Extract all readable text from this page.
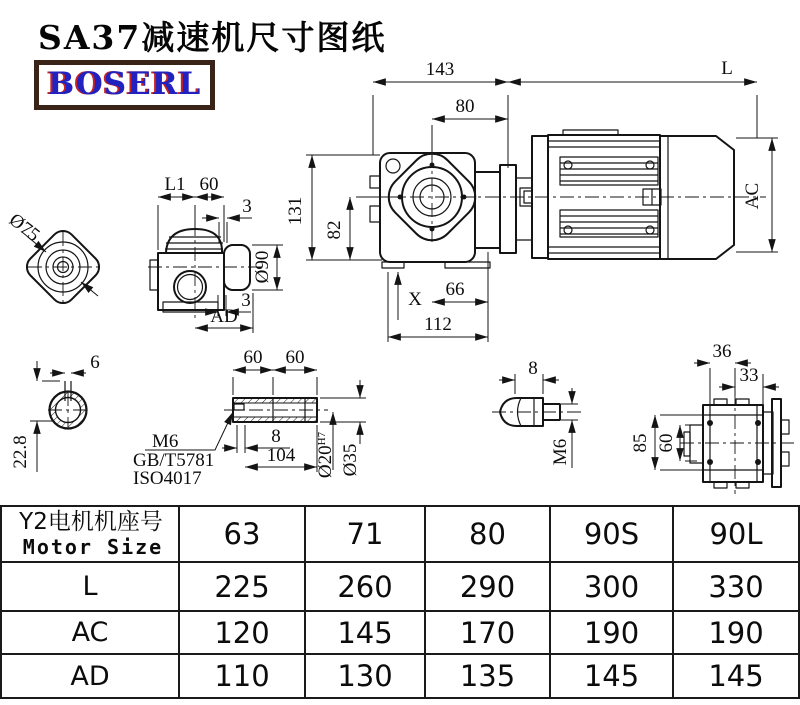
SA37减速机尺寸图纸
BOSERL	143	L
80
131
82
AC
X 66
112
Ø75
L1 60
3
3
Ø90
AD
6
22.8
60 60
8
104 $Ø20^{H7}$
Ø35
M6
GB/T5781
ISO4017
8
M6
36
33
85 60
Y2电机机座号
Motor Size	63	71	80	90S	90L
L	225	260	290	300	330
AC	120	145	170	190	190
AD	110	130	135	145	145
